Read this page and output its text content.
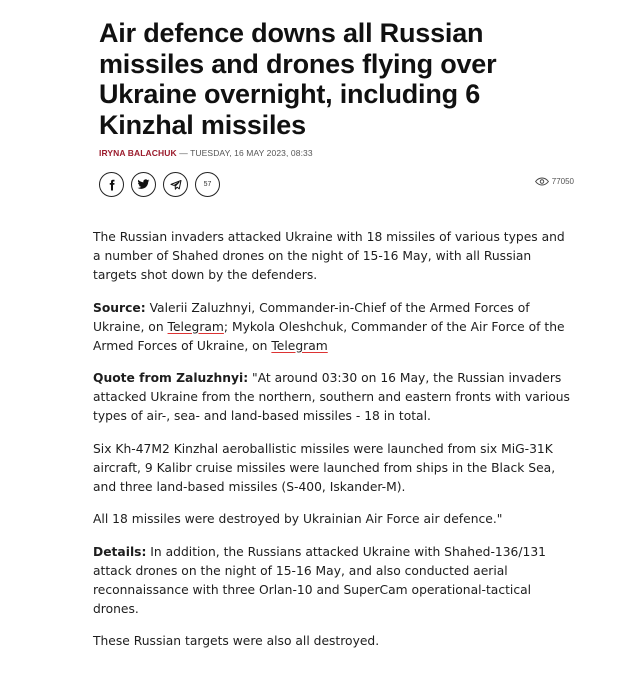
Air defence downs all Russian missiles and drones flying over Ukraine overnight, including 6 Kinzhal missiles
IRYNA BALACHUK — TUESDAY, 16 MAY 2023, 08:33
57	77050

The Russian invaders attacked Ukraine with 18 missiles of various types and a number of Shahed drones on the night of 15-16 May, with all Russian targets shot down by the defenders.

Source: Valerii Zaluzhnyi, Commander-in-Chief of the Armed Forces of Ukraine, on Telegram; Mykola Oleshchuk, Commander of the Air Force of the Armed Forces of Ukraine, on Telegram

Quote from Zaluzhnyi: "At around 03:30 on 16 May, the Russian invaders attacked Ukraine from the northern, southern and eastern fronts with various types of air-, sea- and land-based missiles - 18 in total.

Six Kh-47M2 Kinzhal aeroballistic missiles were launched from six MiG-31K aircraft, 9 Kalibr cruise missiles were launched from ships in the Black Sea, and three land-based missiles (S-400, Iskander-M).

All 18 missiles were destroyed by Ukrainian Air Force air defence."

Details: In addition, the Russians attacked Ukraine with Shahed-136/131 attack drones on the night of 15-16 May, and also conducted aerial reconnaissance with three Orlan-10 and SuperCam operational-tactical drones.

These Russian targets were also all destroyed.
